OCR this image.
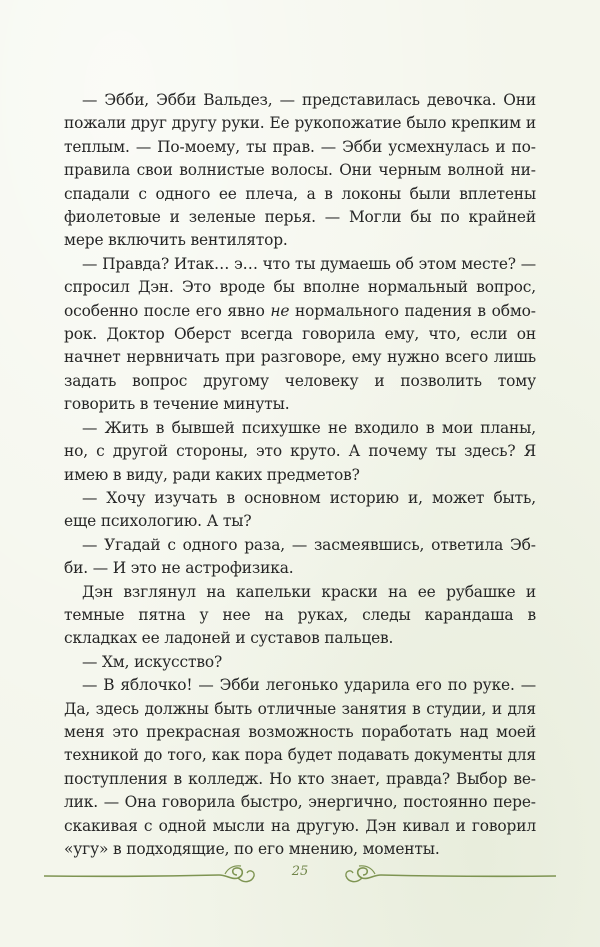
— Эбби, Эбби Вальдез, — представилась девочка. Они пожали друг другу руки. Ее рукопожатие было крепким и теплым. — По-моему, ты прав. — Эбби усмехнулась и поправила свои волнистые волосы. Они черным волной ниспадали с одного ее плеча, а в локоны были вплетены фиолетовые и зеленые перья. — Могли бы по крайней мере включить вентилятор.

— Правда? Итак… э… что ты думаешь об этом месте? — спросил Дэн. Это вроде бы вполне нормальный вопрос, особенно после его явно не нормального падения в обморок. Доктор Оберст всегда говорила ему, что, если он начнет нервничать при разговоре, ему нужно всего лишь задать вопрос другому человеку и позволить тому говорить в течение минуты.

— Жить в бывшей психушке не входило в мои планы, но, с другой стороны, это круто. А почему ты здесь? Я имею в виду, ради каких предметов?

— Хочу изучать в основном историю и, может быть, еще психологию. А ты?

— Угадай с одного раза, — засмеявшись, ответила Эбби. — И это не астрофизика.

Дэн взглянул на капельки краски на ее рубашке и темные пятна у нее на руках, следы карандаша в складках ее ладоней и суставов пальцев.

— Хм, искусство?

— В яблочко! — Эбби легонько ударила его по руке. — Да, здесь должны быть отличные занятия в студии, и для меня это прекрасная возможность поработать над моей техникой до того, как пора будет подавать документы для поступления в колледж. Но кто знает, правда? Выбор велик. — Она говорила быстро, энергично, постоянно перескакивая с одной мысли на другую. Дэн кивал и говорил «угу» в подходящие, по его мнению, моменты.

25
